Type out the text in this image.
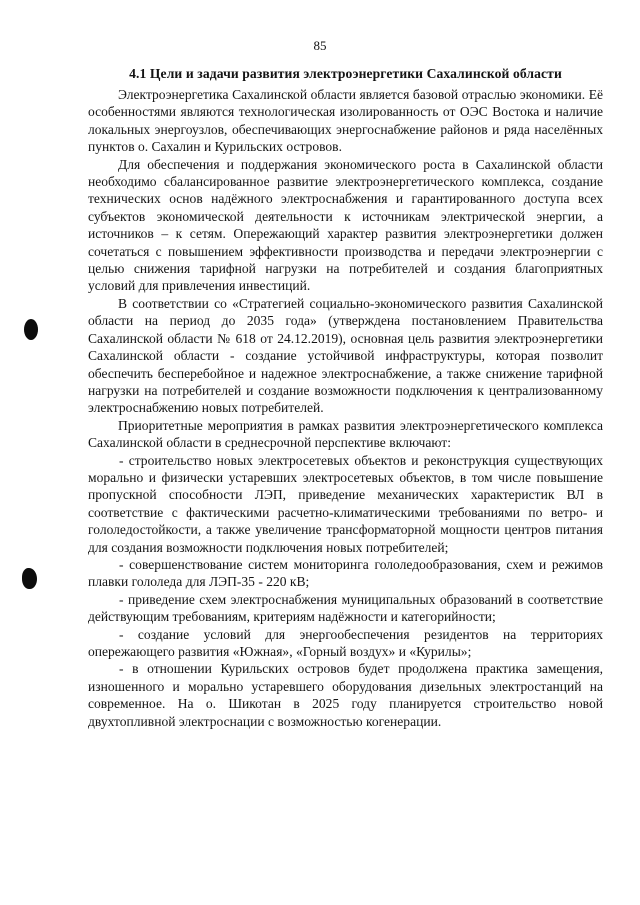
85
4.1 Цели и задачи развития электроэнергетики Сахалинской области

Электроэнергетика Сахалинской области является базовой отраслью экономики. Её особенностями являются технологическая изолированность от ОЭС Востока и наличие локальных энергоузлов, обеспечивающих энергоснабжение районов и ряда населённых пунктов о. Сахалин и Курильских островов.

Для обеспечения и поддержания экономического роста в Сахалинской области необходимо сбалансированное развитие электроэнергетического комплекса, создание технических основ надёжного электроснабжения и гарантированного доступа всех субъектов экономической деятельности к источникам электрической энергии, а источников – к сетям. Опережающий характер развития электроэнергетики должен сочетаться с повышением эффективности производства и передачи электроэнергии с целью снижения тарифной нагрузки на потребителей и создания благоприятных условий для привлечения инвестиций.

В соответствии со «Стратегией социально-экономического развития Сахалинской области на период до 2035 года» (утверждена постановлением Правительства Сахалинской области № 618 от 24.12.2019), основная цель развития электроэнергетики Сахалинской области - создание устойчивой инфраструктуры, которая позволит обеспечить бесперебойное и надежное электроснабжение, а также снижение тарифной нагрузки на потребителей и создание возможности подключения к централизованному электроснабжению новых потребителей.

Приоритетные мероприятия в рамках развития электроэнергетического комплекса Сахалинской области в среднесрочной перспективе включают:

- строительство новых электросетевых объектов и реконструкция существующих морально и физически устаревших электросетевых объектов, в том числе повышение пропускной способности ЛЭП, приведение механических характеристик ВЛ в соответствие с фактическими расчетно-климатическими требованиями по ветро- и гололедостойкости, а также увеличение трансформаторной мощности центров питания для создания возможности подключения новых потребителей;

- совершенствование систем мониторинга гололедообразования, схем и режимов плавки гололеда для ЛЭП-35 - 220 кВ;

- приведение схем электроснабжения муниципальных образований в соответствие действующим требованиям, критериям надёжности и категорийности;

- создание условий для энергообеспечения резидентов на территориях опережающего развития «Южная», «Горный воздух» и «Курилы»;

- в отношении Курильских островов будет продолжена практика замещения, изношенного и морально устаревшего оборудования дизельных электростанций на современное. На о. Шикотан в 2025 году планируется строительство новой двухтопливной электроснации с возможностью когенерации.
